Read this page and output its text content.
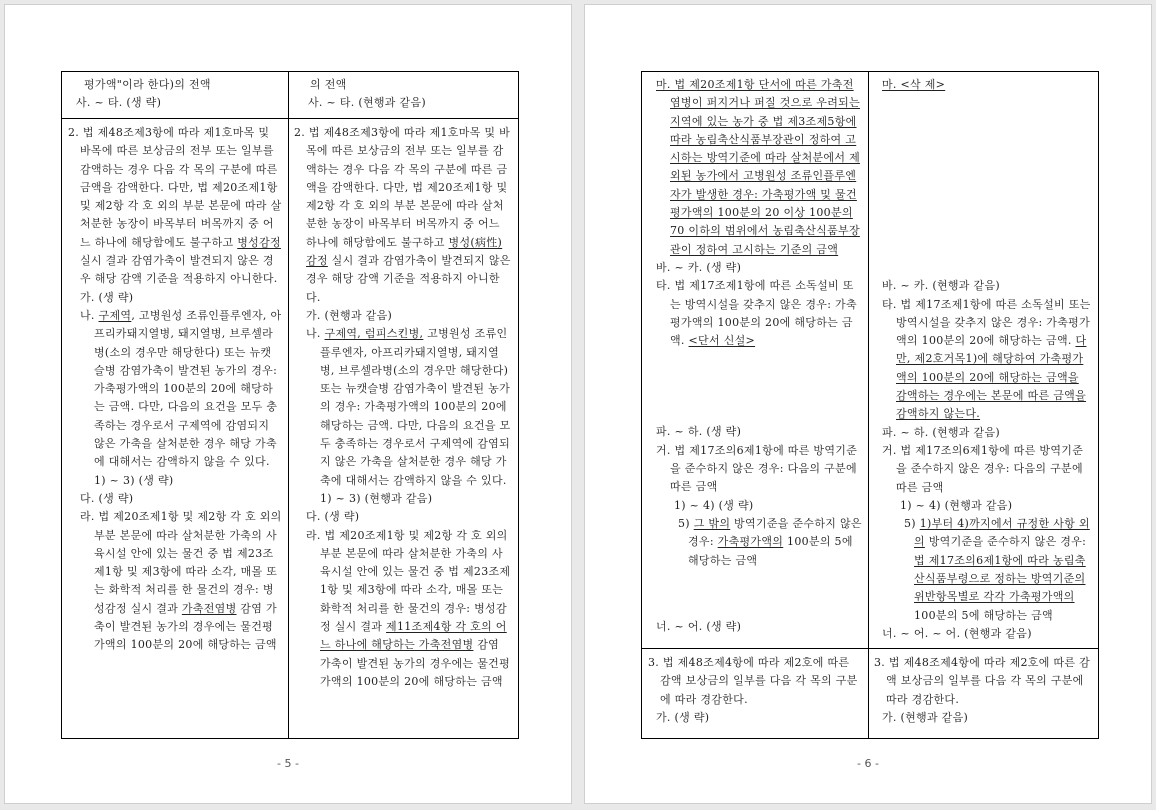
평가액"이라 한다)의 전액

사. ~ 타. (생 략)

의 전액

사. ~ 타. (현행과 같음)

2. 법 제48조제3항에 따라 제1호마목 및 바목에 따른 보상금의 전부 또는 일부를 감액하는 경우 다음 각 목의 구분에 따른 금액을 감액한다. 다만, 법 제20조제1항 및 제2항 각 호 외의 부분 본문에 따라 살처분한 농장이 바목부터 버목까지 중 어느 하나에 해당함에도 불구하고 병성감정 실시 결과 감염가축이 발견되지 않은 경우 해당 감액 기준을 적용하지 아니한다.

가. (생 략)

나. 구제역, 고병원성 조류인플루엔자, 아프리카돼지열병, 돼지열병, 브루셀라병(소의 경우만 해당한다) 또는 뉴캣슬병 감염가축이 발견된 농가의 경우: 가축평가액의 100분의 20에 해당하는 금액. 다만, 다음의 요건을 모두 충족하는 경우로서 구제역에 감염되지 않은 가축을 살처분한 경우 해당 가축에 대해서는 감액하지 않을 수 있다.

1) ~ 3) (생 략)

다. (생 략)

라. 법 제20조제1항 및 제2항 각 호 외의 부분 본문에 따라 살처분한 가축의 사육시설 안에 있는 물건 중 법 제23조제1항 및 제3항에 따라 소각, 매몰 또는 화학적 처리를 한 물건의 경우: 병성감정 실시 결과 가축전염병 감염 가축이 발견된 농가의 경우에는 물건평가액의 100분의 20에 해당하는 금액

2. 법 제48조제3항에 따라 제1호마목 및 바목에 따른 보상금의 전부 또는 일부를 감액하는 경우 다음 각 목의 구분에 따른 금액을 감액한다. 다만, 법 제20조제1항 및 제2항 각 호 외의 부분 본문에 따라 살처분한 농장이 바목부터 버목까지 중 어느 하나에 해당함에도 불구하고 병성(病性)감정 실시 결과 감염가축이 발견되지 않은 경우 해당 감액 기준을 적용하지 아니한다.

가. (현행과 같음)

나. 구제역, 럼피스킨병, 고병원성 조류인플루엔자, 아프리카돼지열병, 돼지열병, 브루셀라병(소의 경우만 해당한다) 또는 뉴캣슬병 감염가축이 발견된 농가의 경우: 가축평가액의 100분의 20에 해당하는 금액. 다만, 다음의 요건을 모두 충족하는 경우로서 구제역에 감염되지 않은 가축을 살처분한 경우 해당 가축에 대해서는 감액하지 않을 수 있다.

1) ~ 3) (현행과 같음)

다. (생 략)

라. 법 제20조제1항 및 제2항 각 호 외의 부분 본문에 따라 살처분한 가축의 사육시설 안에 있는 물건 중 법 제23조제1항 및 제3항에 따라 소각, 매몰 또는 화학적 처리를 한 물건의 경우: 병성감정 실시 결과 제11조제4항 각 호의 어느 하나에 해당하는 가축전염병 감염 가축이 발견된 농가의 경우에는 물건평가액의 100분의 20에 해당하는 금액

- 5 -

마. 법 제20조제1항 단서에 따른 가축전염병이 퍼지거나 퍼질 것으로 우려되는 지역에 있는 농가 중 법 제3조제5항에 따라 농림축산식품부장관이 정하여 고시하는 방역기준에 따라 살처분에서 제외된 농가에서 고병원성 조류인플루엔자가 발생한 경우: 가축평가액 및 물건평가액의 100분의 20 이상 100분의 70 이하의 범위에서 농림축산식품부장관이 정하여 고시하는 기준의 금액

바. ~ 카. (생 략)

타. 법 제17조제1항에 따른 소독설비 또는 방역시설을 갖추지 않은 경우: 가축평가액의 100분의 20에 해당하는 금액. <단서 신설>

파. ~ 하. (생 략)

거. 법 제17조의6제1항에 따른 방역기준을 준수하지 않은 경우: 다음의 구분에 따른 금액

1) ~ 4) (생 략)

5) 그 밖의 방역기준을 준수하지 않은 경우: 가축평가액의 100분의 5에 해당하는 금액

너. ~ 어. (생 략)

마. <삭 제>

바. ~ 카. (현행과 같음)

타. 법 제17조제1항에 따른 소독설비 또는 방역시설을 갖추지 않은 경우: 가축평가액의 100분의 20에 해당하는 금액. 다만, 제2호거목1)에 해당하여 가축평가액의 100분의 20에 해당하는 금액을 감액하는 경우에는 본문에 따른 금액을 감액하지 않는다.

파. ~ 하. (현행과 같음)

거. 법 제17조의6제1항에 따른 방역기준을 준수하지 않은 경우: 다음의 구분에 따른 금액

1) ~ 4) (현행과 같음)

5) 1)부터 4)까지에서 규정한 사항 외의 방역기준을 준수하지 않은 경우: 법 제17조의6제1항에 따라 농림축산식품부령으로 정하는 방역기준의 위반항목별로 각각 가축평가액의 100분의 5에 해당하는 금액

너. ~ 어. ~ 어. (현행과 같음)

3. 법 제48조제4항에 따라 제2호에 따른 감액 보상금의 일부를 다음 각 목의 구분에 따라 경감한다.

가. (생 략)

3. 법 제48조제4항에 따라 제2호에 따른 감액 보상금의 일부를 다음 각 목의 구분에 따라 경감한다.

가. (현행과 같음)

- 6 -
